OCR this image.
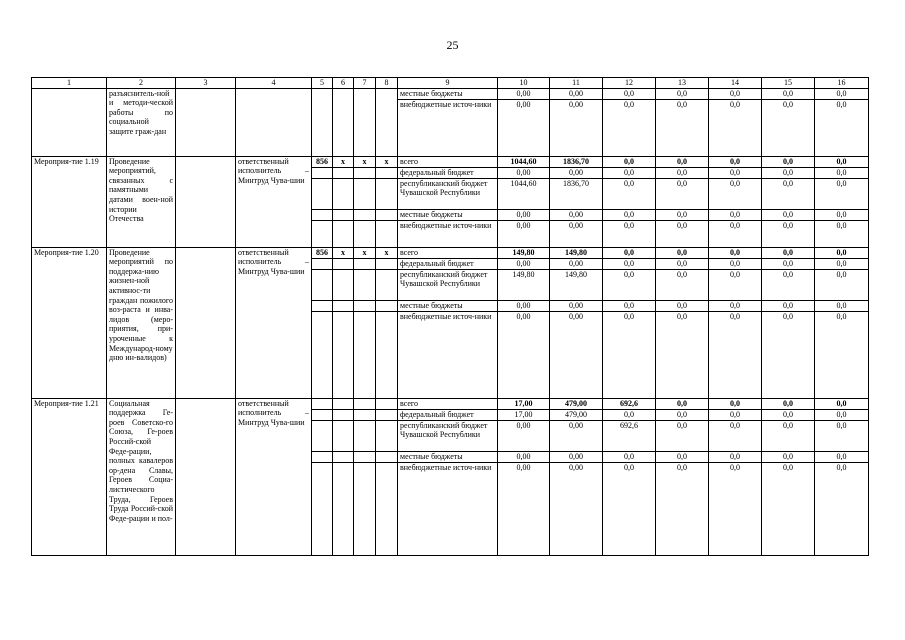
25
1	2	3	4	5	6	7	8	9	10	11	12	13	14	15	16
	разъяснитель-ной и методи-ческой работы по социальной защите граж-дан							местные бюджеты	0,00	0,00	0,0	0,0	0,0	0,0	0,0
								внебюджетные источ-ники	0,00	0,00	0,0	0,0	0,0	0,0	0,0
Мероприя-тие 1.19	Проведение мероприятий, связанных с памятными датами воен-ной истории Отечества		ответственный исполнитель – Минтруд Чува-шии	856	x	x	x	всего	1044,60	1836,70	0,0	0,0	0,0	0,0	0,0
								федеральный бюджет	0,00	0,00	0,0	0,0	0,0	0,0	0,0
								республиканский бюджет Чувашской Республики	1044,60	1836,70	0,0	0,0	0,0	0,0	0,0
								местные бюджеты	0,00	0,00	0,0	0,0	0,0	0,0	0,0
								внебюджетные источ-ники	0,00	0,00	0,0	0,0	0,0	0,0	0,0
Мероприя-тие 1.20	Проведение мероприятий по поддержа-нию жизнен-ной активнос-ти граждан пожилого воз-раста и инва-лидов (меро-приятия, при-уроченные к Международ-ному дню ин-валидов)		ответственный исполнитель – Минтруд Чува-шии	856	x	x	x	всего	149,80	149,80	0,0	0,0	0,0	0,0	0,0
								федеральный бюджет	0,00	0,00	0,0	0,0	0,0	0,0	0,0
								республиканский бюджет Чувашской Республики	149,80	149,80	0,0	0,0	0,0	0,0	0,0
								местные бюджеты	0,00	0,00	0,0	0,0	0,0	0,0	0,0
								внебюджетные источ-ники	0,00	0,00	0,0	0,0	0,0	0,0	0,0
Мероприя-тие 1.21	Социальная поддержка Ге-роев Советско-го Союза, Ге-роев Россий-ской Феде-рации, полных кавалеров ор-дена Славы, Героев Социа-листического Труда, Героев Труда Россий-ской Феде-рации и пол-		ответственный исполнитель – Минтруд Чува-шии					всего	17,00	479,00	692,6	0,0	0,0	0,0	0,0
								федеральный бюджет	17,00	479,00	0,0	0,0	0,0	0,0	0,0
								республиканский бюджет Чувашской Республики	0,00	0,00	692,6	0,0	0,0	0,0	0,0
								местные бюджеты	0,00	0,00	0,0	0,0	0,0	0,0	0,0
								внебюджетные источ-ники	0,00	0,00	0,0	0,0	0,0	0,0	0,0
